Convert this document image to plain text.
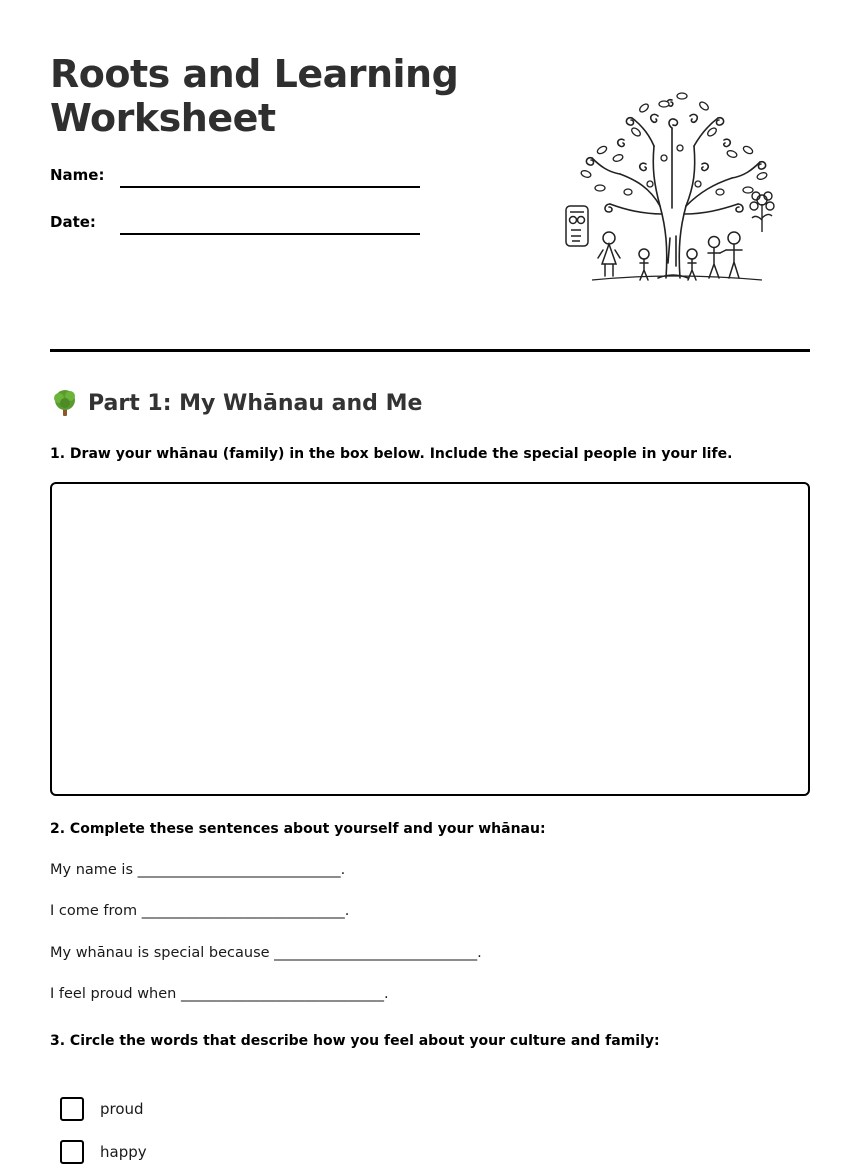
Roots and Learning
Worksheet
Name:
Date:
Part 1: My Whānau and Me

1. Draw your whānau (family) in the box below. Include the special people in your life.

2. Complete these sentences about yourself and your whānau:

My name is ____________________________.
I come from ____________________________.
My whānau is special because ____________________________.
I feel proud when ____________________________.

3. Circle the words that describe how you feel about your culture and family:

proud
happy
